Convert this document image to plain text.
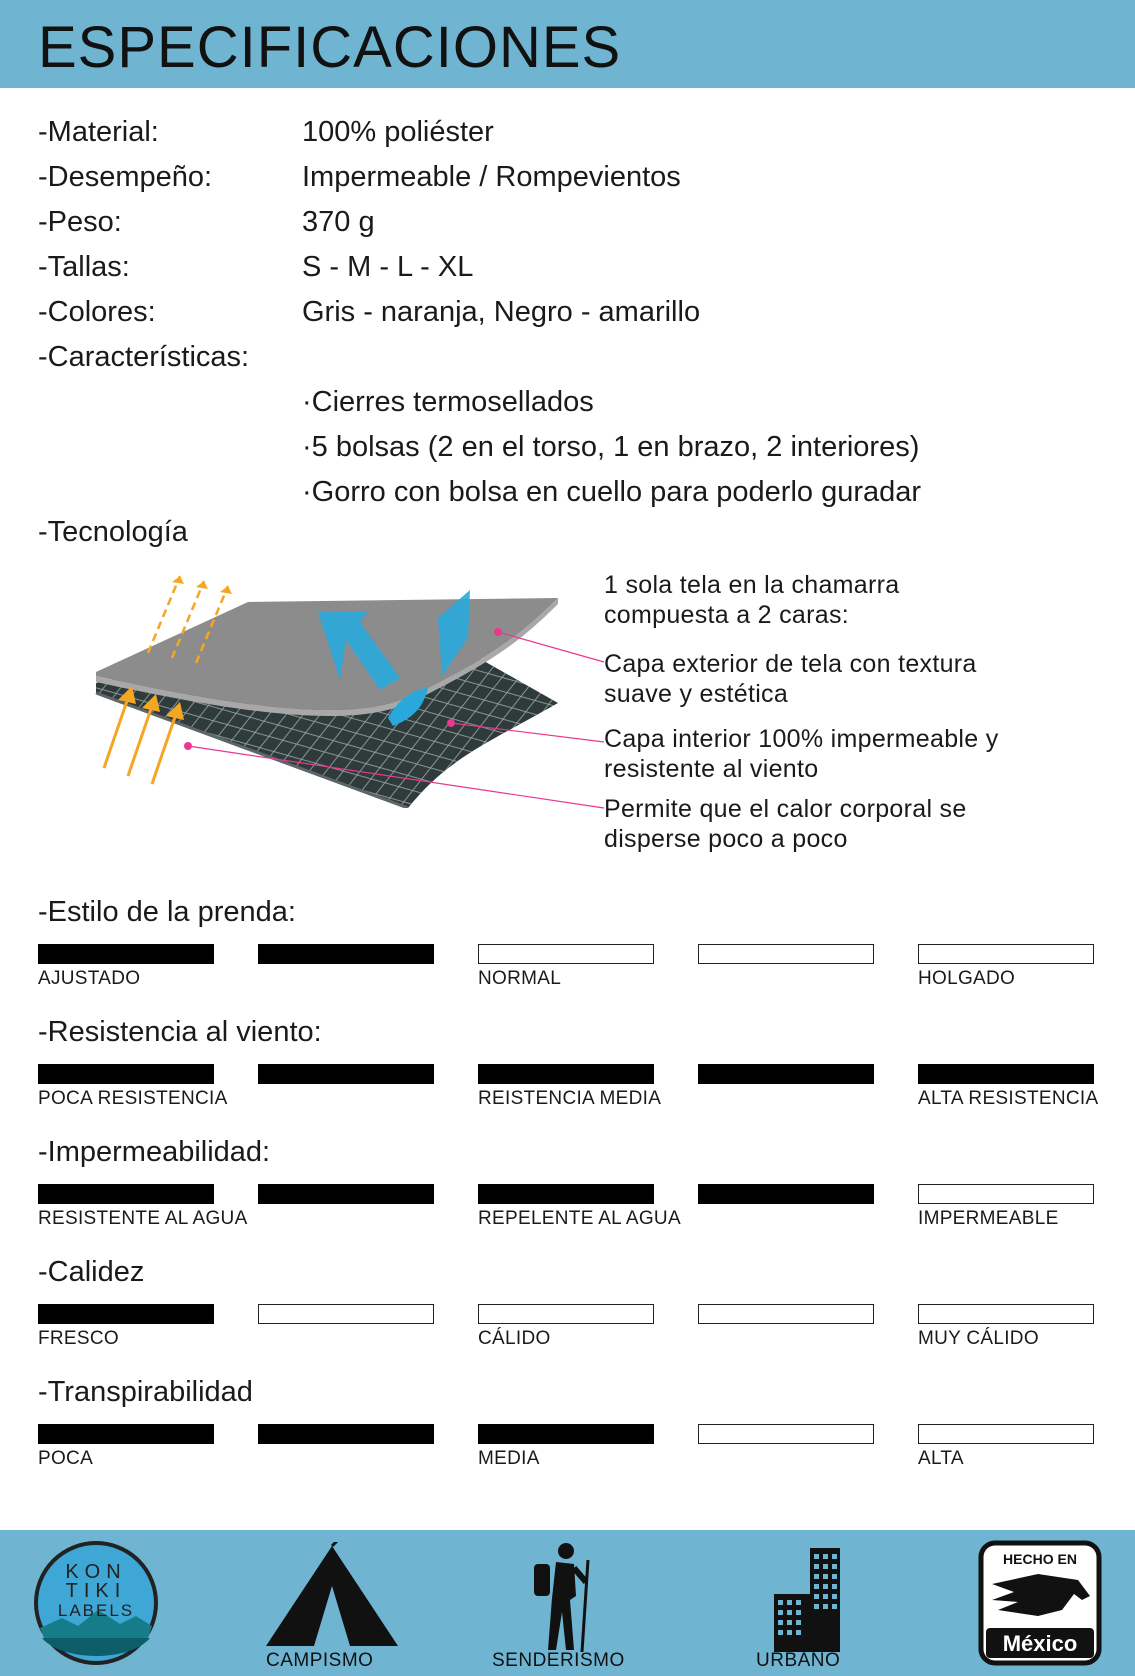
ESPECIFICACIONES
-Material:	100% poliéster
-Desempeño:	Impermeable / Rompevientos
-Peso:	370 g
-Tallas:	S - M - L - XL
-Colores:	Gris - naranja, Negro - amarillo
-Características:
·Cierres termosellados
·5 bolsas (2 en el torso, 1 en brazo, 2 interiores)
·Gorro con bolsa en cuello para poderlo guradar
-Tecnología
1 sola tela en la chamarra
compuesta a 2 caras:
Capa exterior de tela con textura
suave y estética
Capa interior 100% impermeable y
resistente al viento
Permite que el calor corporal se
disperse poco a poco
-Estilo de la prenda:
AJUSTADO	NORMAL	HOLGADO
-Resistencia al viento:
POCA RESISTENCIA	REISTENCIA MEDIA	ALTA RESISTENCIA
-Impermeabilidad:
RESISTENTE AL AGUA	REPELENTE AL AGUA	IMPERMEABLE
-Calidez
FRESCO	CÁLIDO	MUY CÁLIDO
-Transpirabilidad
POCA	MEDIA	ALTA
KON
TIKI
LABELS
CAMPISMO	SENDERISMO	URBANO
HECHO EN
México
